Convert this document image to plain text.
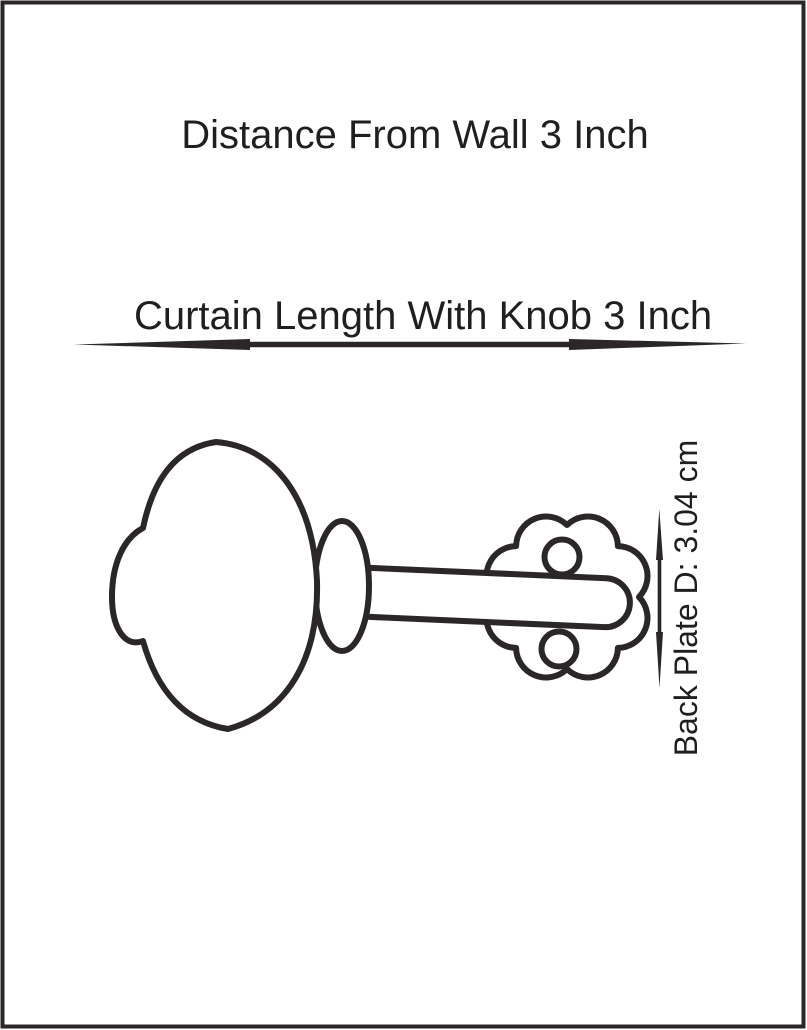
Distance From Wall 3 Inch
Curtain Length With Knob 3 Inch
Back Plate D: 3.04 cm
